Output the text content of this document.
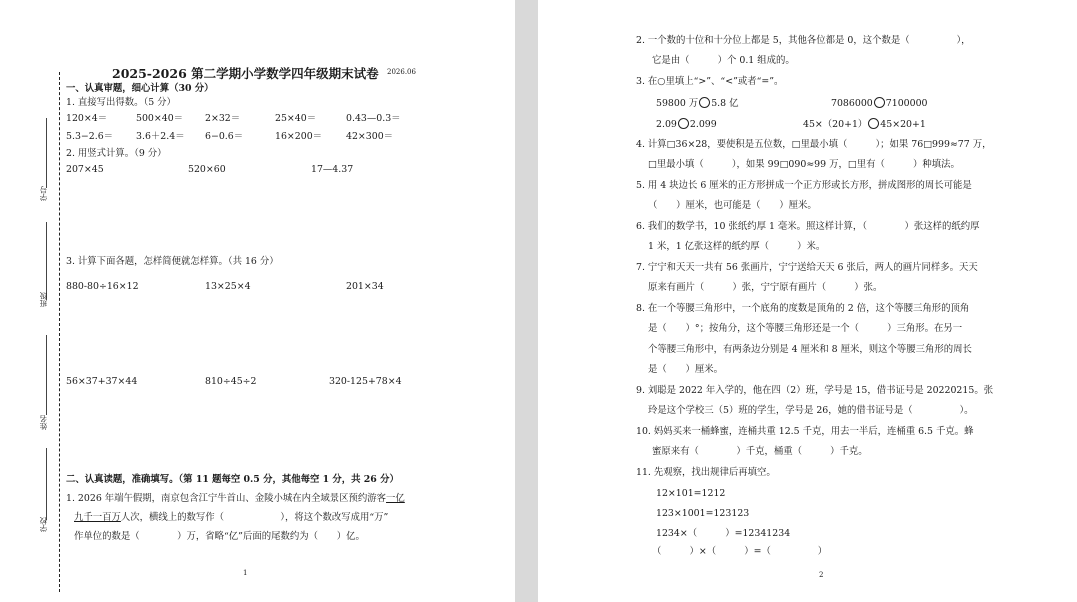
2025-2026 第二学期小学数学四年级期末试卷 2026.06
学号
班级
姓名
学校
一、认真审题，细心计算（30 分）
1. 直接写出得数。（5 分）
120×4＝	500×40＝ 2×32＝	25×40＝	0.43—0.3＝
5.3−2.6＝ 3.6＋2.4＝ 6−0.6＝	16×200＝	42×300＝
2. 用竖式计算。（9 分）
207×45	520×60	17—4.37
3. 计算下面各题，怎样简便就怎样算。（共 16 分）
880-80÷16×12	13×25×4	201×34
56×37+37×44	810÷45÷2	320-125+78×4
二、认真读题，准确填写。（第 11 题每空 0.5 分，其他每空 1 分，共 26 分）
1. 2026 年端午假期，南京包含江宁牛首山、金陵小城在内全域景区预约游客一亿
九千一百万人次，横线上的数写作（　　　　　　），将这个数改写成用“万”
作单位的数是（　　　　）万，省略“亿”后面的尾数约为（　　）亿。
1
2. 一个数的十位和十分位上都是 5，其他各位都是 0，这个数是（　　　　　），
它是由（　　　）个 0.1 组成的。
3. 在○里填上“>”、“<”或者“=”。
59800 万 5.8 亿	7086000 7100000
2.09 2.099	45×（20+1） 45×20+1
4. 计算□36×28，要使积是五位数，□里最小填（　　　）；如果 76□999≈77 万，
□里最小填（　　　），如果 99□090≈99 万，□里有（　　　）种填法。
5. 用 4 块边长 6 厘米的正方形拼成一个正方形或长方形，拼成图形的周长可能是
（　　）厘米，也可能是（　　）厘米。
6. 我们的数学书，10 张纸约厚 1 毫米。照这样计算，（　　　　）张这样的纸约厚
1 米，1 亿张这样的纸约厚（　　　）米。
7. 宁宁和天天一共有 56 张画片，宁宁送给天天 6 张后，两人的画片同样多。天天
原来有画片（　　　）张，宁宁原有画片（　　　）张。
8. 在一个等腰三角形中，一个底角的度数是顶角的 2 倍，这个等腰三角形的顶角
是（　　）°；按角分，这个等腰三角形还是一个（　　　）三角形。在另一
个等腰三角形中，有两条边分别是 4 厘米和 8 厘米，则这个等腰三角形的周长
是（　　）厘米。
9. 刘聪是 2022 年入学的，他在四（2）班，学号是 15，借书证号是 20220215。张
玲是这个学校三（5）班的学生，学号是 26，她的借书证号是（　　　　　）。
10. 妈妈买来一桶蜂蜜，连桶共重 12.5 千克，用去一半后，连桶重 6.5 千克。蜂
蜜原来有（　　　　）千克，桶重（　　　）千克。
11. 先观察，找出规律后再填空。
12×101=1212
123×1001=123123
1234×（　　　）=12341234
（　　　）×（　　　）=（　　　　　）
2
